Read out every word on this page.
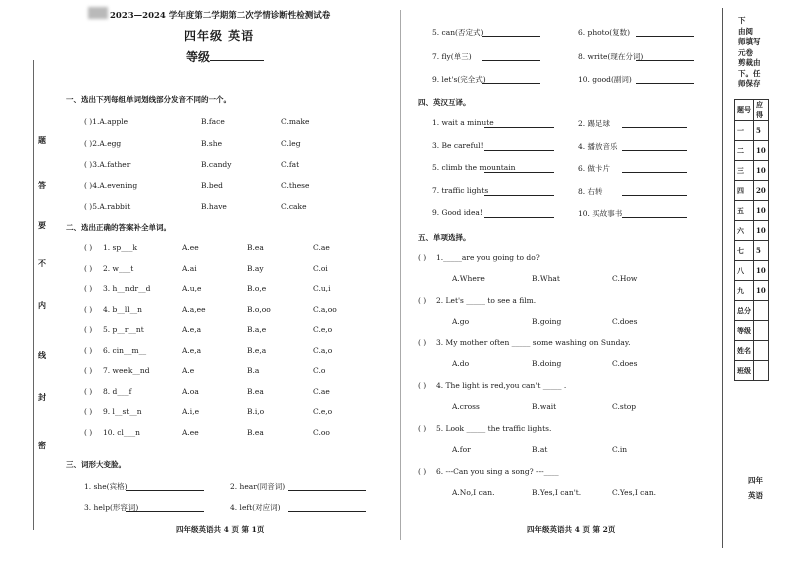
2023—2024 学年度第二学期第二次学情诊断性检测试卷
四年级 英语
等级
题
答
要
不
内
线
封
密
一、选出下列每组单词划线部分发音不同的一个。
( )1.A.apple	B.face	C.make
( )2.A.egg	B.she	C.leg
( )3.A.father	B.candy	C.fat
( )4.A.evening	B.bed	C.these
( )5.A.rabbit	B.have	C.cake
二、选出正确的答案补全单词。
( ) 1. sp___k	A.ee	B.ea	C.ae
( ) 2. w___t	A.ai	B.ay	C.oi
( ) 3. h__ndr__d	A.u,e	B.o,e	C.u,i
( ) 4. b__ll__n	A.a,ee	B.o,oo	C.a,oo
( ) 5. p__r__nt	A.e,a	B.a,e	C.e,o
( ) 6. cin__m__	A.e,a	B.e,a	C.a,o
( ) 7. week__nd	A.e	B.a	C.o
( ) 8. d___f	A.oa	B.ea	C.ae
( ) 9. l__st__n	A.i,e	B.i,o	C.e,o
( ) 10. cl___n	A.ee	B.ea	C.oo
三、词形大变脸。
1. she(宾格)	2. hear(同音词)
3. help(形容词)	4. left(对应词)
四年级英语共 4 页 第 1页
5. can(否定式)	6. photo(复数)
7. fly(单三)	8. write(现在分词)
9. let's(完全式)	10. good(副词)
四、英汉互译。
1. wait a minute	2. 踢足球
3. Be careful!	4. 播放音乐
5. climb the mountain	6. 做卡片
7. traffic lights	8. 右转
9. Good idea!	10. 买故事书
五、单项选择。
( ) 1._____are you going to do?
A.Where	B.What	C.How
( ) 2. Let's _____ to see a film.
A.go	B.going	C.does
( ) 3. My mother often _____ some washing on Sunday.
A.do	B.doing	C.does
( ) 4. The light is red,you can't _____ .
A.cross	B.wait	C.stop
( ) 5. Look _____ the traffic lights.
A.for	B.at	C.in
( ) 6. ---Can you sing a song? ---____
A.No,I can.	B.Yes,I can't.	C.Yes,I can.
四年级英语共 4 页 第 2页
下
由阅
师填写
元卷
剪裁由
下。任
师保存
题号	应得
一	5
二	10
三	10
四	20
五	10
六	10
七	5
八	10
九	10
总分	
等级	
姓名	
班级	
四年
英语
